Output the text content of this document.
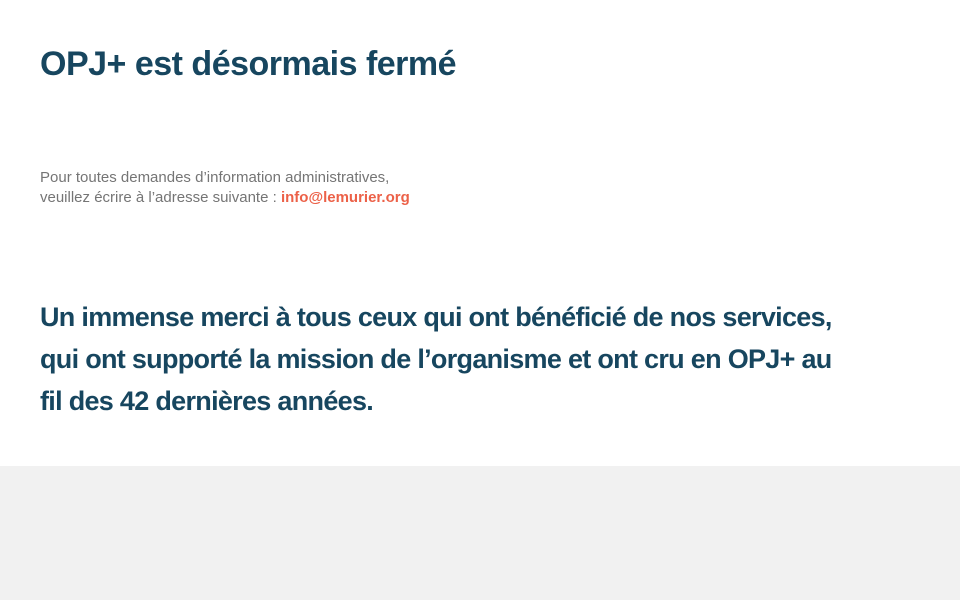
OPJ+ est désormais fermé
Pour toutes demandes d’information administratives,
veuillez écrire à l’adresse suivante : info@lemurier.org
Un immense merci à tous ceux qui ont bénéficié de nos services,
qui ont supporté la mission de l’organisme et ont cru en OPJ+ au
fil des 42 dernières années.
